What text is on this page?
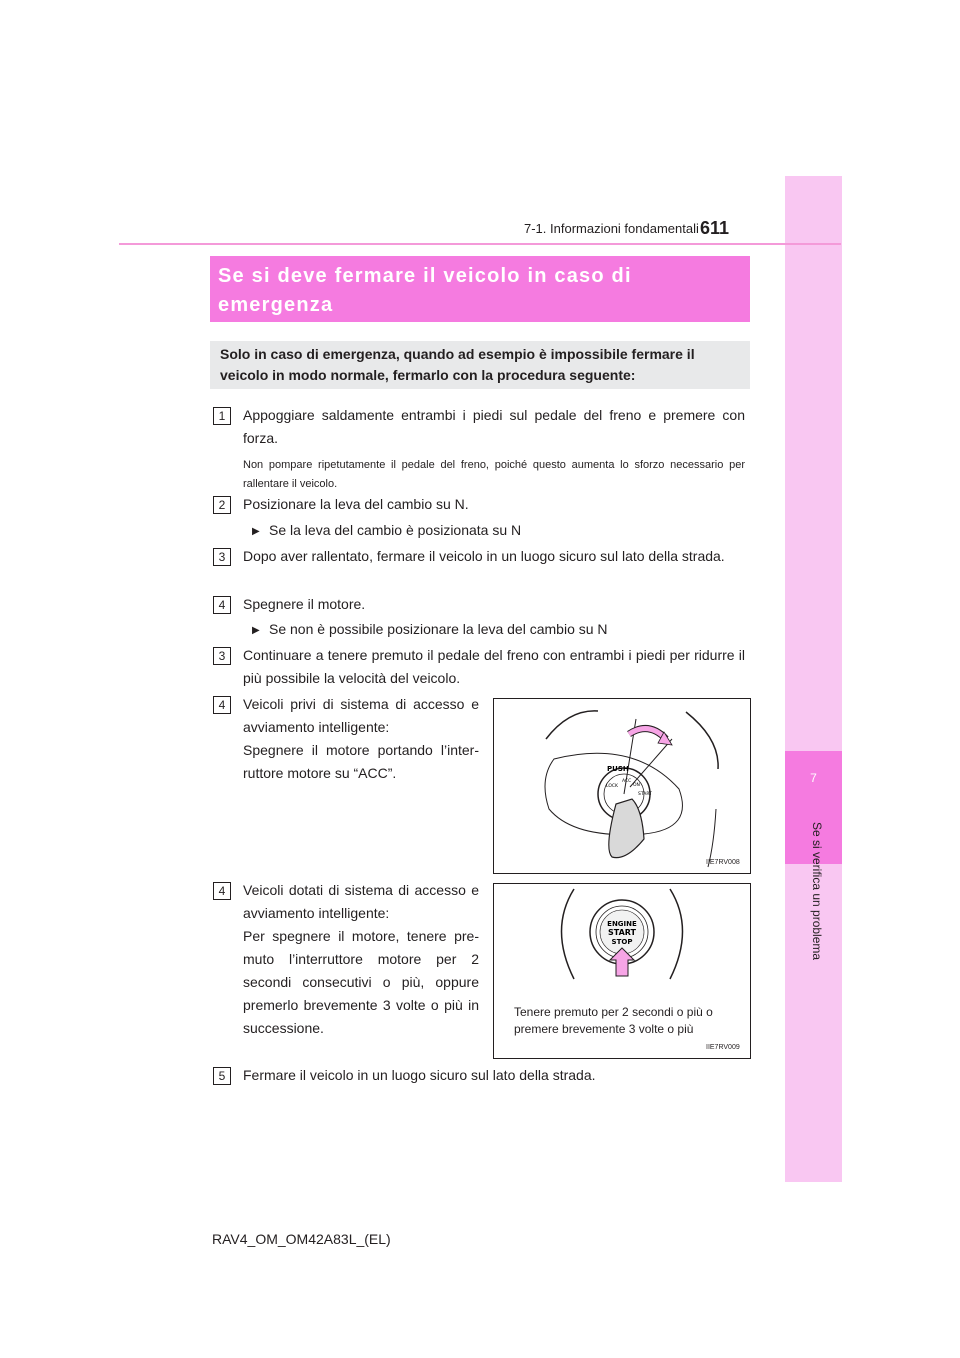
7
Se si verifica un problema
7-1. Informazioni fondamentali 611
Se si deve fermare il veicolo in caso di emergenza
Solo in caso di emergenza, quando ad esempio è impossibile fermare il veicolo in modo normale, fermarlo con la procedura seguente:
1	Appoggiare saldamente entrambi i piedi sul pedale del freno e premere con forza.
Non pompare ripetutamente il pedale del freno, poiché questo aumenta lo sforzo necessario per rallentare il veicolo.
2	Posizionare la leva del cambio su N.
▶ Se la leva del cambio è posizionata su N
3	Dopo aver rallentato, fermare il veicolo in un luogo sicuro sul lato della strada.
4	Spegnere il motore.
▶ Se non è possibile posizionare la leva del cambio su N
3	Continuare a tenere premuto il pedale del freno con entrambi i piedi per ridurre il più possibile la velocità del veicolo.
4	Veicoli privi di sistema di accesso e avviamento intelligente:
Spegnere il motore portando l’inter-ruttore motore su “ACC”.	PUSH
LOCK
ACC
ON
START
IIE7RV008
4	Veicoli dotati di sistema di accesso e avviamento intelligente:
Per spegnere il motore, tenere pre-muto l’interruttore motore per 2 secondi consecutivi o più, oppure premerlo brevemente 3 volte o più in successione.
ENGINE
START
STOP
Tenere premuto per 2 secondi o più o premere brevemente 3 volte o più
IIE7RV009
5	Fermare il veicolo in un luogo sicuro sul lato della strada.
RAV4_OM_OM42A83L_(EL)
